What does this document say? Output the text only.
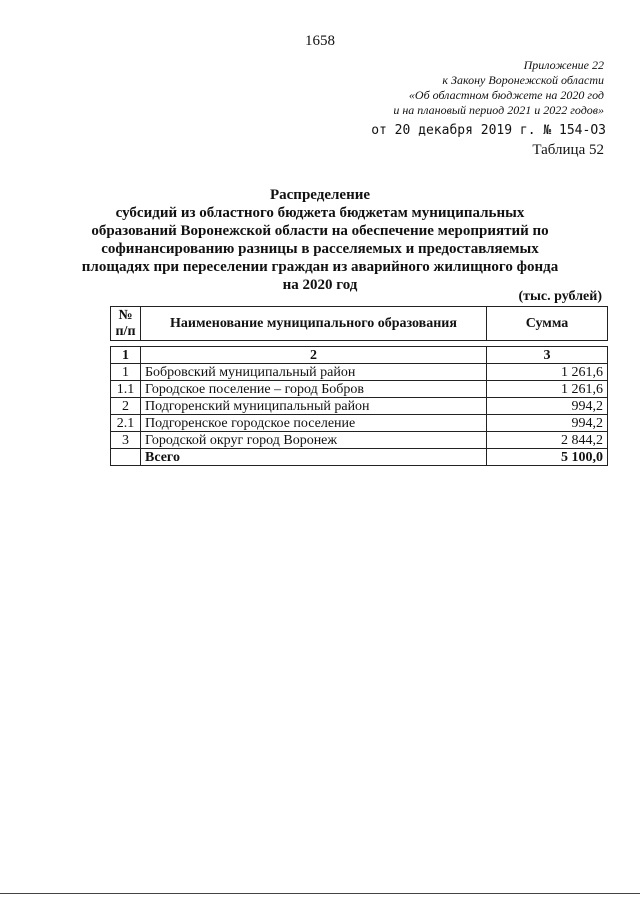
1658
Приложение 22
к Закону Воронежской области
«Об областном бюджете на 2020 год
и на плановый период 2021 и 2022 годов»
от 20 декабря 2019 г. № 154-ОЗ
Таблица 52
Распределение
субсидий из областного бюджета бюджетам муниципальных
образований Воронежской области на обеспечение мероприятий по
софинансированию разницы в расселяемых и предоставляемых
площадях при переселении граждан из аварийного жилищного фонда
на 2020 год
(тыс. рублей)
№
п/п	Наименование муниципального образования	Сумма

1	2	3
1	Бобровский муниципальный район	1 261,6
1.1	Городское поселение – город Бобров	1 261,6
2	Подгоренский муниципальный район	994,2
2.1	Подгоренское городское поселение	994,2
3	Городской округ город Воронеж	2 844,2
	Всего	5 100,0
